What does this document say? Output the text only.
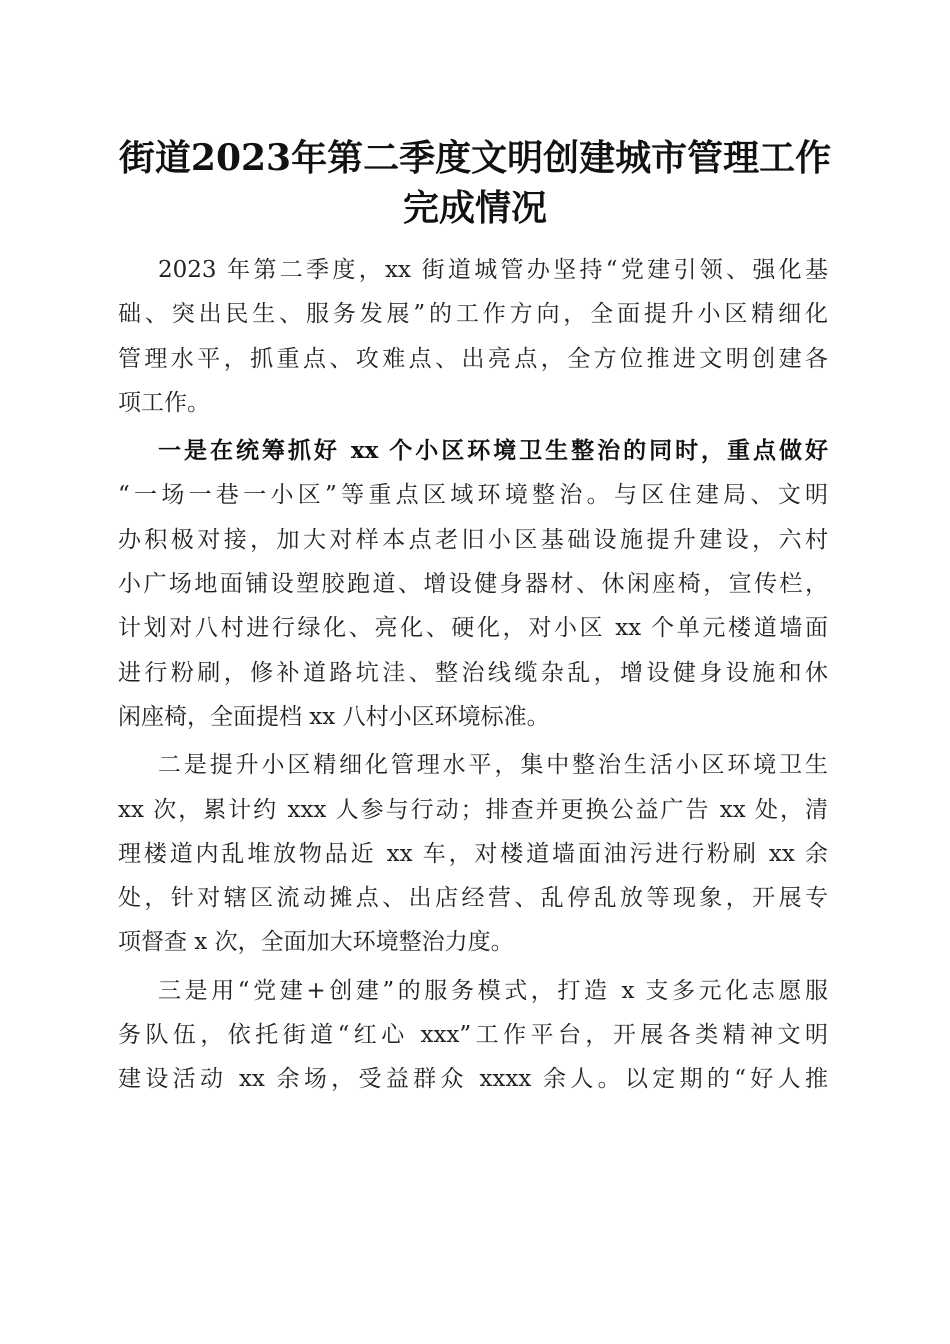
街道2023年第二季度文明创建城市管理工作
完成情况
2023 年第二季度，xx 街道城管办坚持“党建引领、强化基
础、突出民生、服务发展”的工作方向，全面提升小区精细化
管理水平，抓重点、攻难点、出亮点，全方位推进文明创建各
项工作。
一是在统筹抓好 xx 个小区环境卫生整治的同时，重点做好
“一场一巷一小区”等重点区域环境整治。与区住建局、文明
办积极对接，加大对样本点老旧小区基础设施提升建设，六村
小广场地面铺设塑胶跑道、增设健身器材、休闲座椅，宣传栏，
计划对八村进行绿化、亮化、硬化，对小区 xx 个单元楼道墙面
进行粉刷，修补道路坑洼、整治线缆杂乱，增设健身设施和休
闲座椅，全面提档 xx 八村小区环境标准。
二是提升小区精细化管理水平，集中整治生活小区环境卫生
xx 次，累计约 xxx 人参与行动；排查并更换公益广告 xx 处，清
理楼道内乱堆放物品近 xx 车，对楼道墙面油污进行粉刷 xx 余
处，针对辖区流动摊点、出店经营、乱停乱放等现象，开展专
项督查 x 次，全面加大环境整治力度。
三是用“党建+创建”的服务模式，打造 x 支多元化志愿服
务队伍，依托街道“红心 xxx”工作平台，开展各类精神文明
建设活动 xx 余场，受益群众 xxxx 余人。以定期的“好人推
